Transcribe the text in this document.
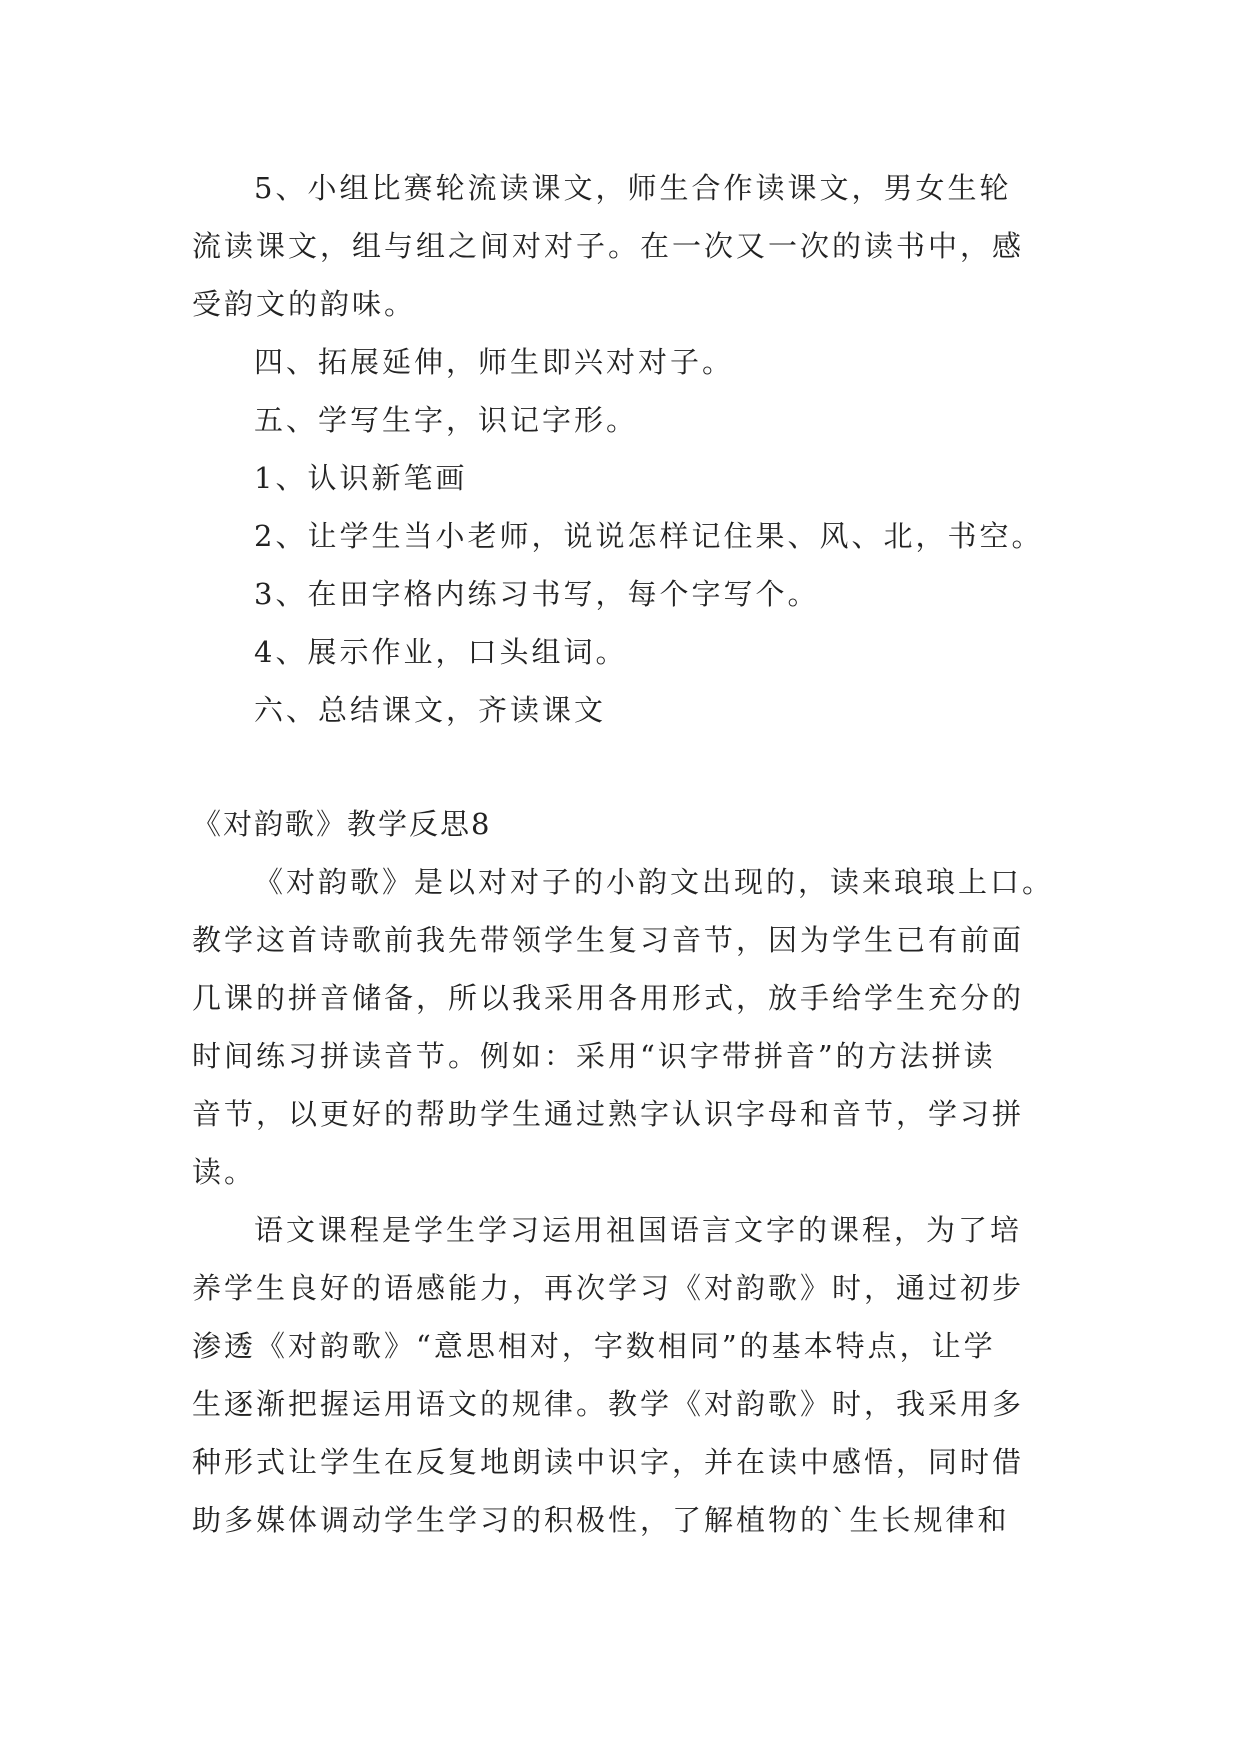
5、小组比赛轮流读课文，师生合作读课文，男女生轮
流读课文，组与组之间对对子。在一次又一次的读书中，感
受韵文的韵味。
四、拓展延伸，师生即兴对对子。
五、学写生字，识记字形。
1、认识新笔画
2、让学生当小老师，说说怎样记住果、风、北，书空。
3、在田字格内练习书写，每个字写个。
4、展示作业，口头组词。
六、总结课文，齐读课文
《对韵歌》教学反思8
《对韵歌》是以对对子的小韵文出现的，读来琅琅上口。
教学这首诗歌前我先带领学生复习音节，因为学生已有前面
几课的拼音储备，所以我采用各用形式，放手给学生充分的
时间练习拼读音节。例如：采用“识字带拼音”的方法拼读
音节，以更好的帮助学生通过熟字认识字母和音节，学习拼
读。
语文课程是学生学习运用祖国语言文字的课程，为了培
养学生良好的语感能力，再次学习《对韵歌》时，通过初步
渗透《对韵歌》“意思相对，字数相同”的基本特点，让学
生逐渐把握运用语文的规律。教学《对韵歌》时，我采用多
种形式让学生在反复地朗读中识字，并在读中感悟，同时借
助多媒体调动学生学习的积极性，了解植物的`生长规律和
